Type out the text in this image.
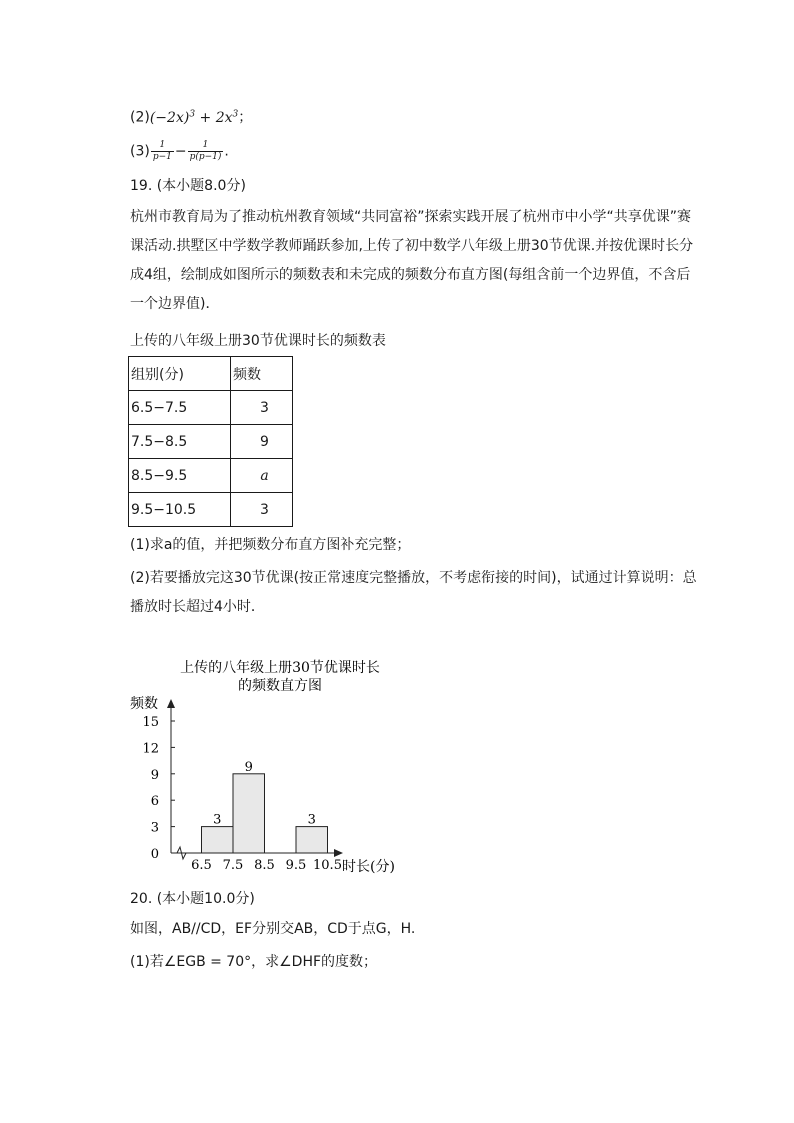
$(2)(-2x)^3 + 2x^3$；
$(3) \frac{1}{p-1} - \frac{1}{p(p-1)}$ .
19. (本小题8.0分)
杭州市教育局为了推动杭州教育领域“共同富裕”探索实践开展了杭州市中小学“共享优课”赛课活动.拱墅区中学数学教师踊跃参加,上传了初中数学八年级上册30节优课.并按优课时长分成4组，绘制成如图所示的频数表和未完成的频数分布直方图(每组含前一个边界值，不含后一个边界值)．
上传的八年级上册30节优课时长的频数表
组别(分)	频数
6.5−7.5	3
7.5−8.5	9
8.5−9.5	a
9.5−10.5	3
(1)求a的值，并把频数分布直方图补充完整；
(2)若要播放完这30节优课(按正常速度完整播放，不考虑衔接的时间)，试通过计算说明：总播放时长超过4小时．
上传的八年级上册30节优课时长
的频数直方图
频数
时长(分)
3
9
3
0
3
6
9
12
15
6.5 7.5 8.5 9.5 10.5
20. (本小题10.0分)
如图，AB//CD，EF分别交AB，CD于点G，H.
(1)若∠EGB = 70°，求∠DHF的度数；
